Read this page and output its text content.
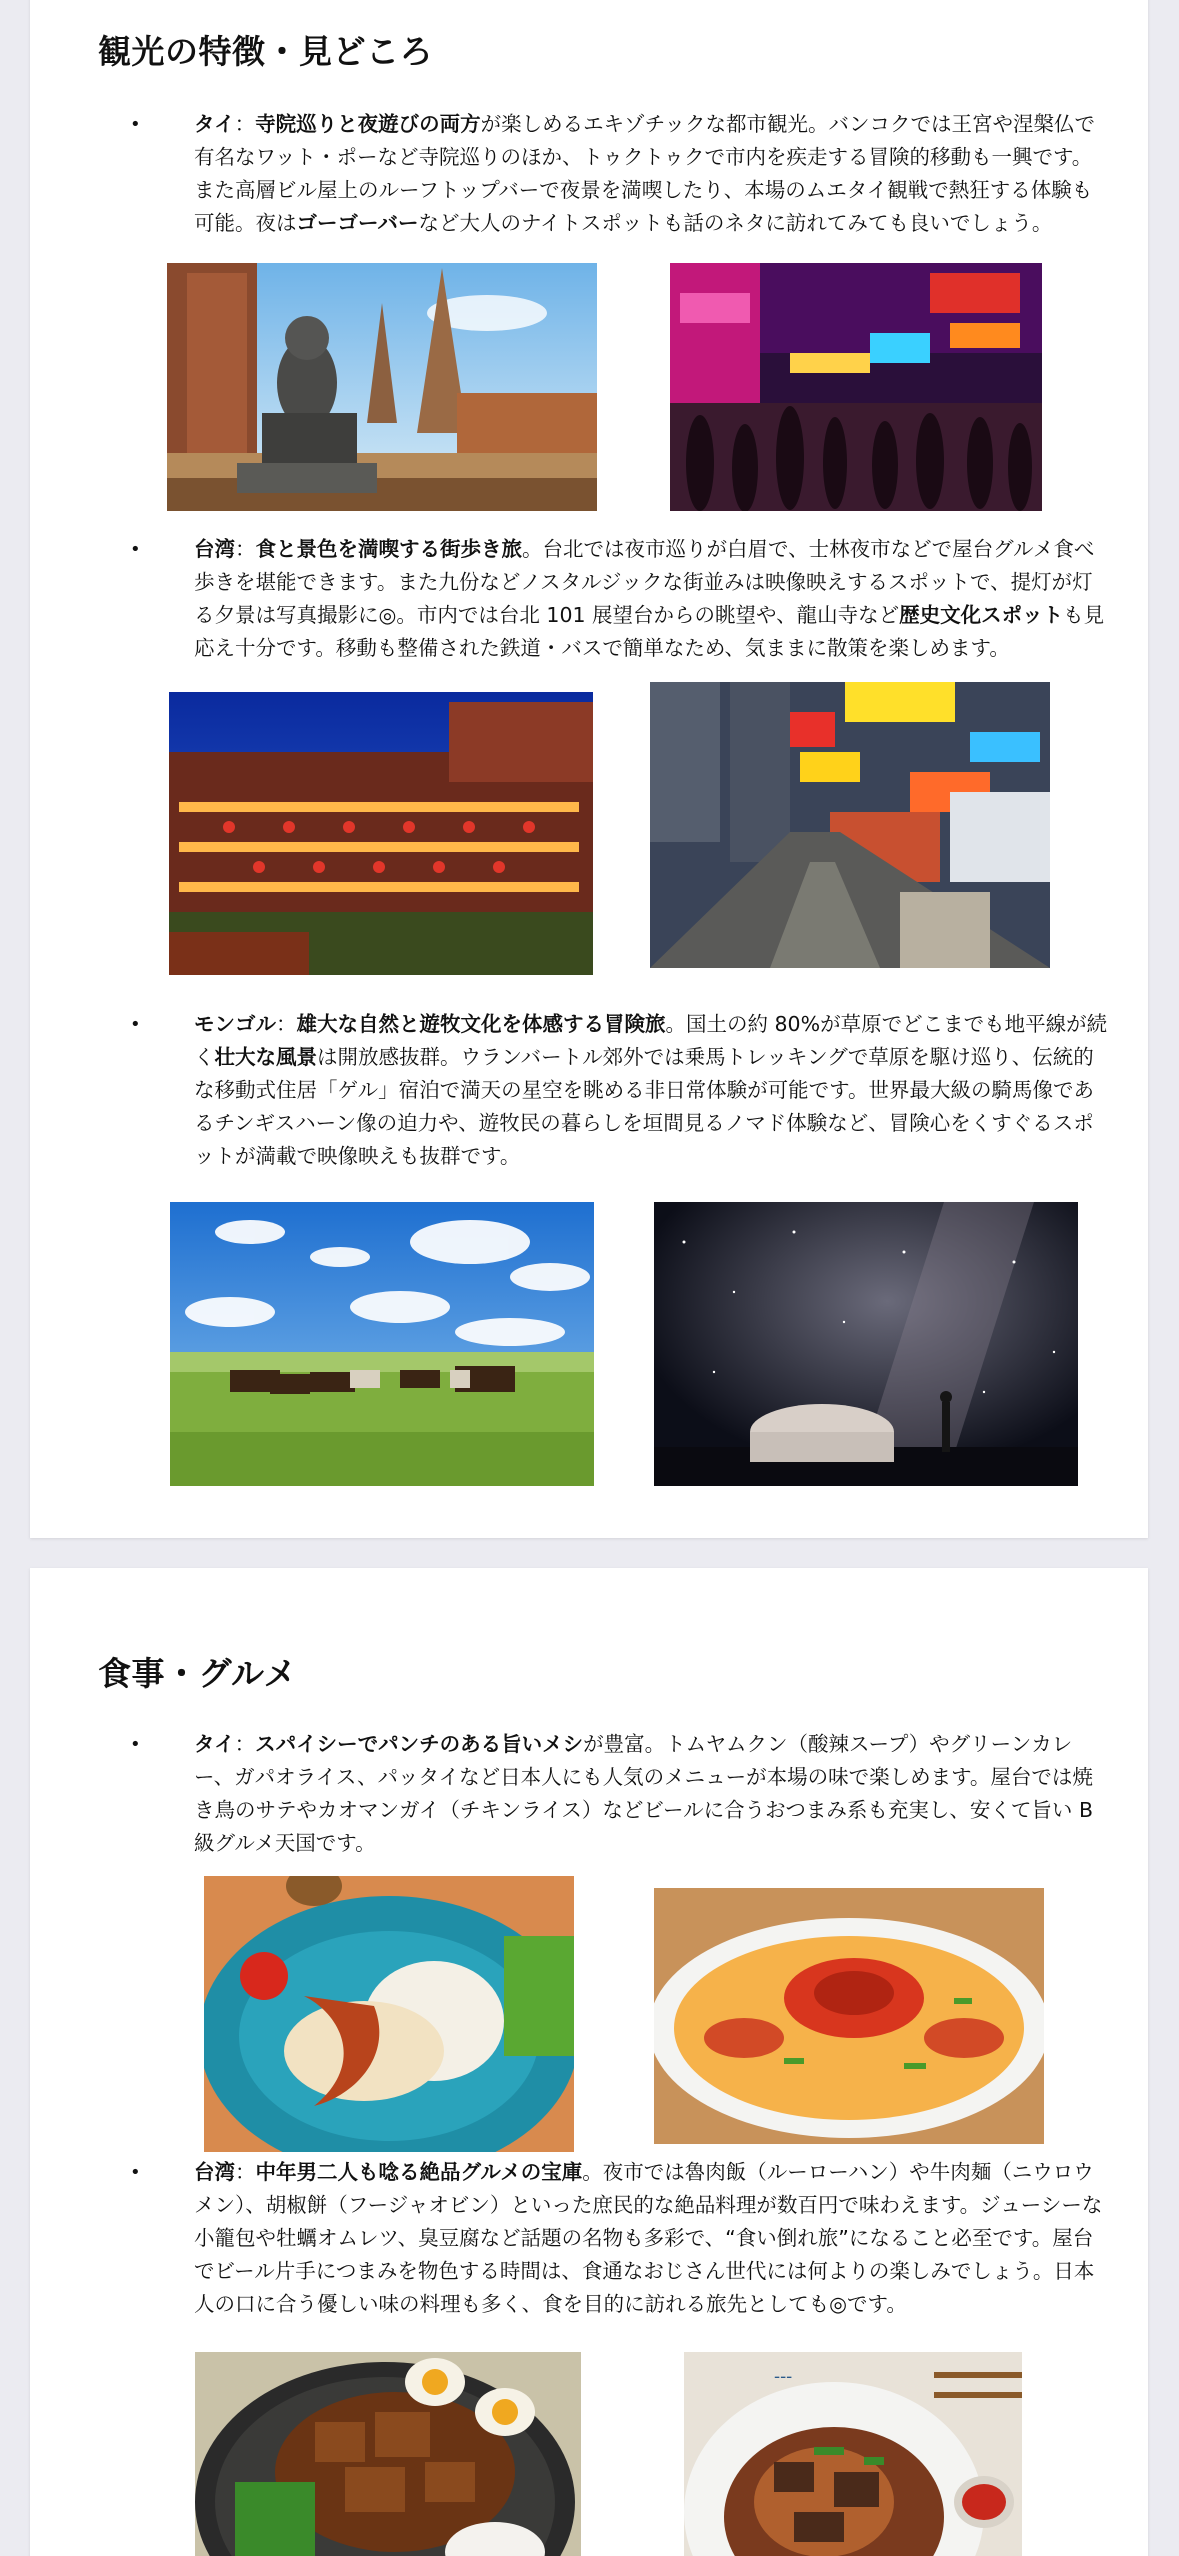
観光の特徴・見どころ
•	タイ：寺院巡りと夜遊びの両方が楽しめるエキゾチックな都市観光。バンコクでは王宮や涅槃仏で有名なワット・ポーなど寺院巡りのほか、トゥクトゥクで市内を疾走する冒険的移動も一興です。また高層ビル屋上のルーフトップバーで夜景を満喫したり、本場のムエタイ観戦で熱狂する体験も可能。夜はゴーゴーバーなど大人のナイトスポットも話のネタに訪れてみても良いでしょう。
•	台湾：食と景色を満喫する街歩き旅。台北では夜市巡りが白眉で、士林夜市などで屋台グルメ食べ歩きを堪能できます。また九份などノスタルジックな街並みは映像映えするスポットで、提灯が灯る夕景は写真撮影に◎。市内では台北 101 展望台からの眺望や、龍山寺など歴史文化スポットも見応え十分です。移動も整備された鉄道・バスで簡単なため、気ままに散策を楽しめます。
•	モンゴル：雄大な自然と遊牧文化を体感する冒険旅。国土の約 80%が草原でどこまでも地平線が続く壮大な風景は開放感抜群。ウランバートル郊外では乗馬トレッキングで草原を駆け巡り、伝統的な移動式住居「ゲル」宿泊で満天の星空を眺める非日常体験が可能です。世界最大級の騎馬像であるチンギスハーン像の迫力や、遊牧民の暮らしを垣間見るノマド体験など、冒険心をくすぐるスポットが満載で映像映えも抜群です。
食事・グルメ
•	タイ：スパイシーでパンチのある旨いメシが豊富。トムヤムクン（酸辣スープ）やグリーンカレー、ガパオライス、パッタイなど日本人にも人気のメニューが本場の味で楽しめます。屋台では焼き鳥のサテやカオマンガイ（チキンライス）などビールに合うおつまみ系も充実し、安くて旨い B 級グルメ天国です。
•	台湾：中年男二人も唸る絶品グルメの宝庫。夜市では魯肉飯（ルーローハン）や牛肉麺（ニウロウメン）、胡椒餅（フージャオビン）といった庶民的な絶品料理が数百円で味わえます。ジューシーな小籠包や牡蠣オムレツ、臭豆腐など話題の名物も多彩で、“食い倒れ旅”になること必至です。屋台でビール片手につまみを物色する時間は、食通なおじさん世代には何よりの楽しみでしょう。日本人の口に合う優しい味の料理も多く、食を目的に訪れる旅先としても◎です。
---
